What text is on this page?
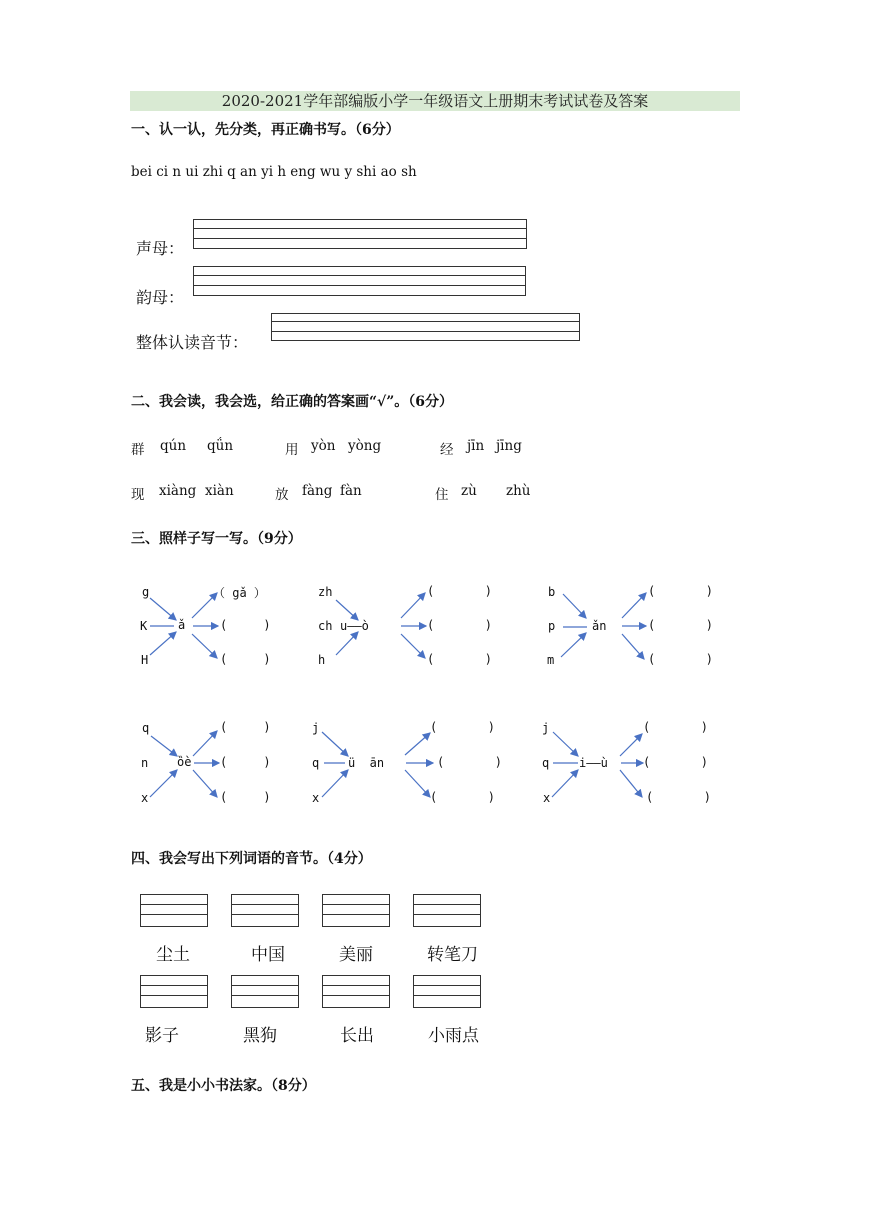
2020-2021学年部编版小学一年级语文上册期末考试试卷及答案
一、认一认，先分类，再正确书写。（6分）
bei ci n ui zhi q an yi h eng wu y shi ao sh
声母：
韵母：
整体认读音节：
二、我会读，我会选，给正确的答案画“√”。（6分）
群 qún qǘn	用 yòn yòng	经 jīn jīng
现 xiàng xiàn	放 fàng fàn	住 zù zhù
三、照样子写一写。（9分）
g
K
H
ǎ
（ gǎ ）
(     )
(     )
zh
ch
h
u——ò
(       )
(       )
(       )
b
p
m
ǎn
(       )
(       )
(       )
q
n
x
ȍè
(     )
(     )
(     )
j
q
x
ü  ān
(       )
(       )
(       )
j
q
x
i——ù
(       )
(       )
(       )
四、我会写出下列词语的音节。（4分）
尘土	中国	美丽	转笔刀
影子	黑狗	长出	小雨点
五、我是小小书法家。（8分）
